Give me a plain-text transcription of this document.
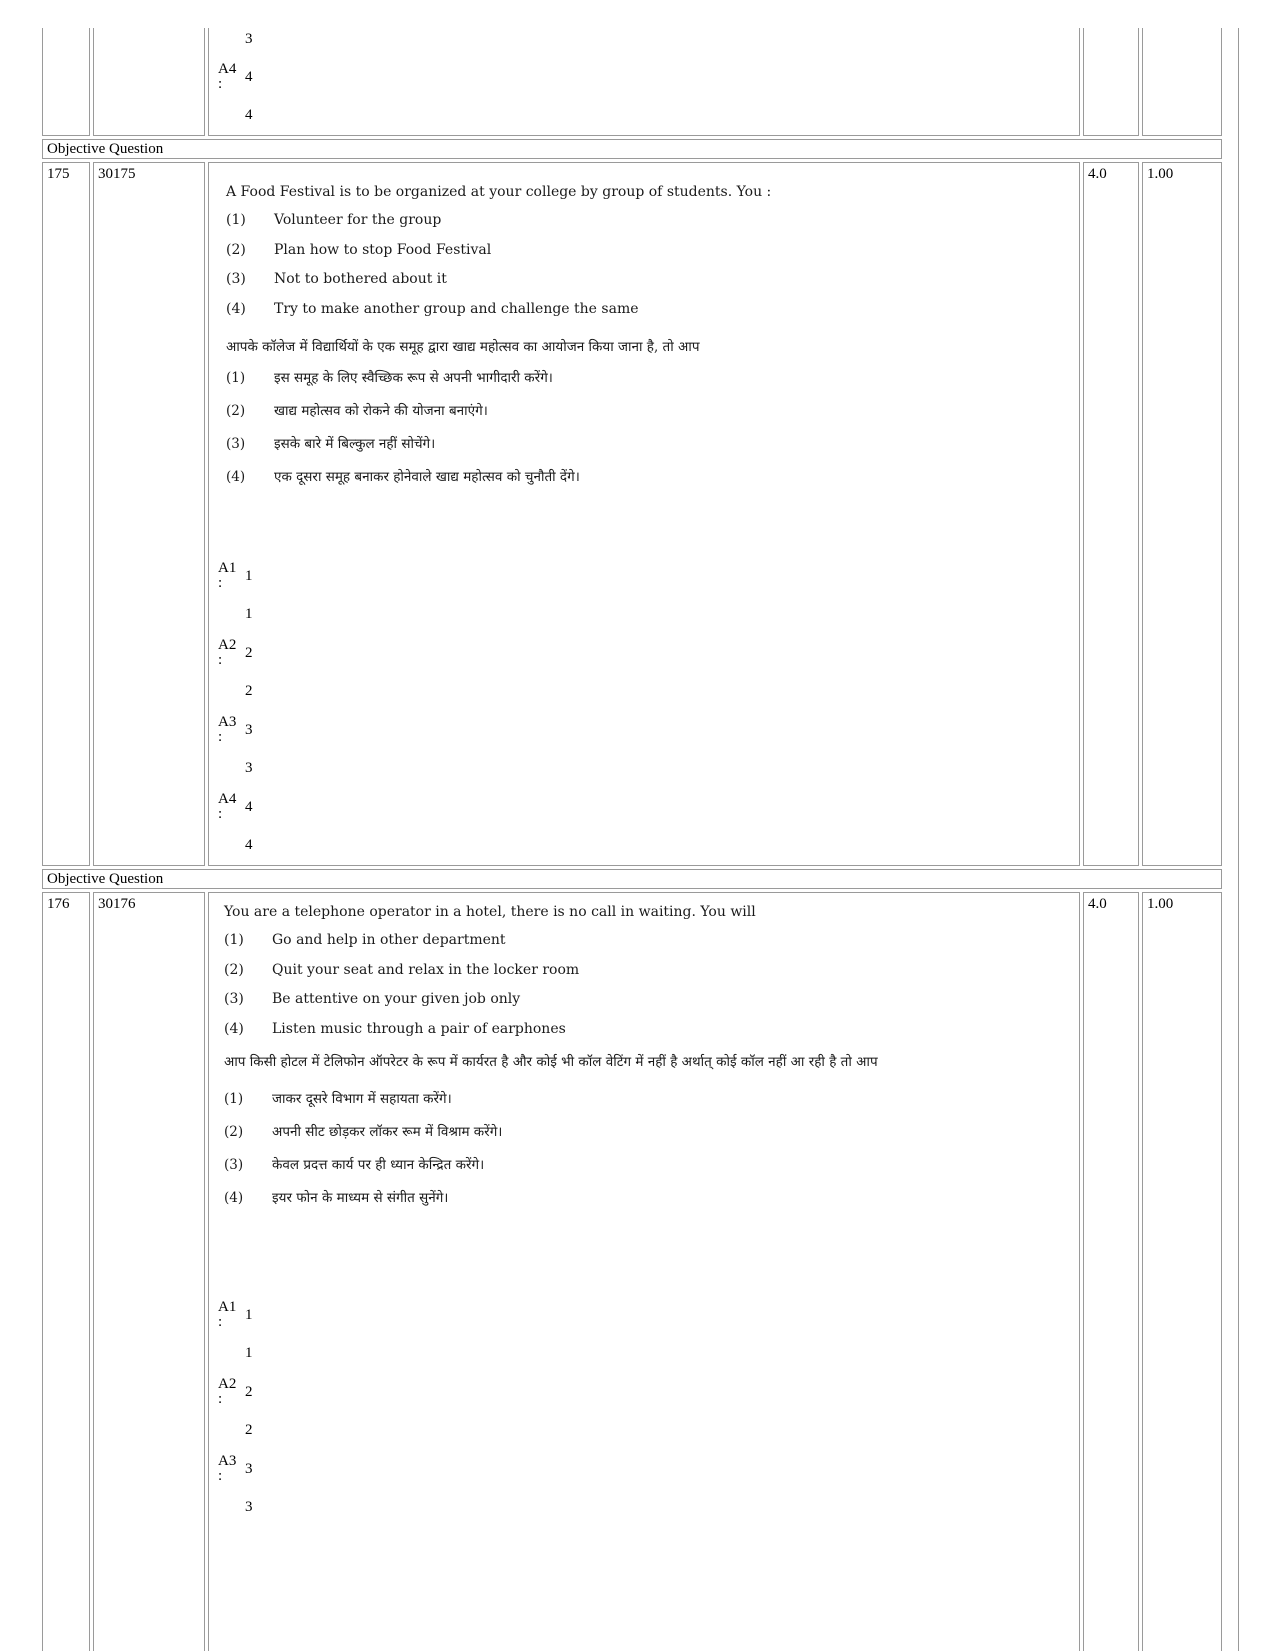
3
A4
: 4
4
Objective Question
175 30175
A Food Festival is to be organized at your college by group of students. You :
(1)	Volunteer for the group
(2)	Plan how to stop Food Festival
(3)	Not to bothered about it
(4)	Try to make another group and challenge the same
आपके कॉलेज में विद्यार्थियों के एक समूह द्वारा खाद्य महोत्सव का आयोजन किया जाना है, तो आप
(1)	इस समूह के लिए स्वैच्छिक रूप से अपनी भागीदारी करेंगे।
(2)	खाद्य महोत्सव को रोकने की योजना बनाएंगे।
(3)	इसके बारे में बिल्कुल नहीं सोचेंगे।
(4)	एक दूसरा समूह बनाकर होनेवाले खाद्य महोत्सव को चुनौती देंगे।
A1
: 1
1
A2
: 2
2
A3
: 3
3
A4
: 4
4
4.0	1.00
Objective Question
176 30176	You are a telephone operator in a hotel, there is no call in waiting. You will
(1)	Go and help in other department
(2)	Quit your seat and relax in the locker room
(3)	Be attentive on your given job only
(4)	Listen music through a pair of earphones
आप किसी होटल में टेलिफोन ऑपरेटर के रूप में कार्यरत है और कोई भी कॉल वेटिंग में नहीं है अर्थात् कोई कॉल नहीं आ रही है तो आप
(1)	जाकर दूसरे विभाग में सहायता करेंगे।
(2)	अपनी सीट छोड़कर लॉकर रूम में विश्राम करेंगे।
(3)	केवल प्रदत्त कार्य पर ही ध्यान केन्द्रित करेंगे।
(4)	इयर फोन के माध्यम से संगीत सुनेंगे।
A1
: 1
1
A2
: 2
2
A3
: 3
3
4.0	1.00
